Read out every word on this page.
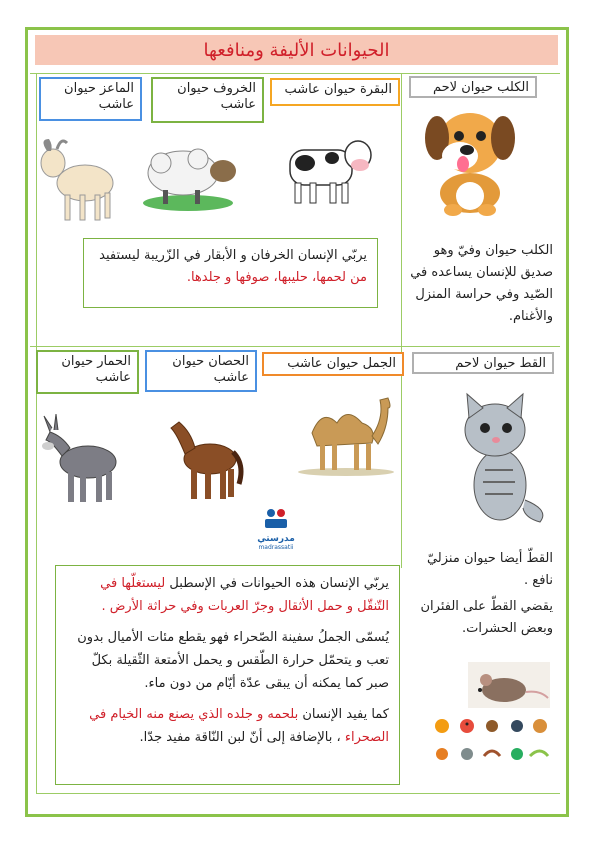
الحيوانات الأليفة ومنافعها
الكلب حيوان لاحم
البقرة حيوان عاشب
الخروف حيوان عاشب
الماعز حيوان عاشب
الكلب حيوان وفيّ وهو صديق للإنسان يساعده في الصّيد وفي حراسة المنزل والأغنام.
يربّي الإنسان الخرفان و الأبقار في الزّريبة ليستفيد من لحمها، حليبها، صوفها و جلدها.
القط حيوان لاحم
الجمل حيوان عاشب
الحصان حيوان عاشب
الحمار حيوان عاشب
مدرستي
madrassatii
القطّ أيضا حيوان منزليّ نافع .
يقضي القطّ على الفئران وبعض الحشرات.
يربّي الإنسان هذه الحيوانات في الإسطبل ليستغلّها في التّنقّل و حمل الأثقال وجرّ العربات وفي حراثة الأرض .
يُسمّى الجملُ سفينة الصّحراء فهو يقطع مئات الأميال بدون تعب و يتحمّل حرارة الطّقس و يحمل الأمتعة الثّقيلة بكلّ صبر كما يمكنه أن يبقى عدّة أيّام من دون ماء.
كما يفيد الإنسان بلحمه و جلده الذي يصنع منه الخيام في الصحراء ، بالإضافة إلى أنّ لبن النّاقة مفيد جدّا.
